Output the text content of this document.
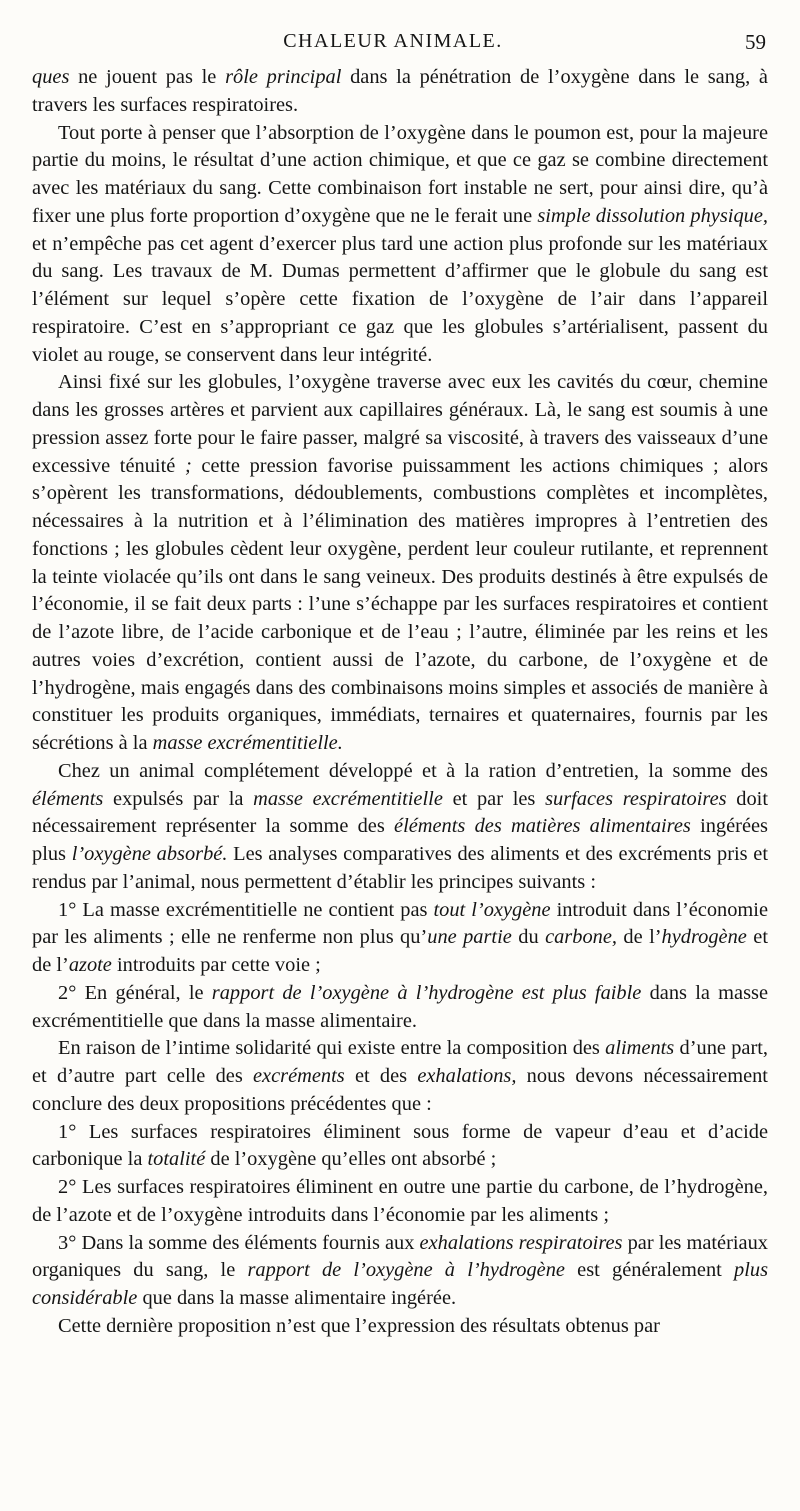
CHALEUR ANIMALE.	59

ques ne jouent pas le rôle principal dans la pénétration de l’oxygène dans le sang, à travers les surfaces respiratoires.

Tout porte à penser que l’absorption de l’oxygène dans le poumon est, pour la majeure partie du moins, le résultat d’une action chimique, et que ce gaz se combine directement avec les matériaux du sang. Cette combinaison fort instable ne sert, pour ainsi dire, qu’à fixer une plus forte proportion d’oxygène que ne le ferait une simple dissolution physique, et n’empêche pas cet agent d’exercer plus tard une action plus profonde sur les matériaux du sang. Les travaux de M. Dumas permettent d’affirmer que le globule du sang est l’élément sur lequel s’opère cette fixation de l’oxygène de l’air dans l’appareil respiratoire. C’est en s’appropriant ce gaz que les globules s’artérialisent, passent du violet au rouge, se conservent dans leur intégrité.

Ainsi fixé sur les globules, l’oxygène traverse avec eux les cavités du cœur, chemine dans les grosses artères et parvient aux capillaires généraux. Là, le sang est soumis à une pression assez forte pour le faire passer, malgré sa viscosité, à travers des vaisseaux d’une excessive ténuité ; cette pression favorise puissamment les actions chimiques ; alors s’opèrent les transformations, dédoublements, combustions complètes et incomplètes, nécessaires à la nutrition et à l’élimination des matières impropres à l’entretien des fonctions ; les globules cèdent leur oxygène, perdent leur couleur rutilante, et reprennent la teinte violacée qu’ils ont dans le sang veineux. Des produits destinés à être expulsés de l’économie, il se fait deux parts : l’une s’échappe par les surfaces respiratoires et contient de l’azote libre, de l’acide carbonique et de l’eau ; l’autre, éliminée par les reins et les autres voies d’excrétion, contient aussi de l’azote, du carbone, de l’oxygène et de l’hydrogène, mais engagés dans des combinaisons moins simples et associés de manière à constituer les produits organiques, immédiats, ternaires et quaternaires, fournis par les sécrétions à la masse excrémentitielle.

Chez un animal complétement développé et à la ration d’entretien, la somme des éléments expulsés par la masse excrémentitielle et par les surfaces respiratoires doit nécessairement représenter la somme des éléments des matières alimentaires ingérées plus l’oxygène absorbé. Les analyses comparatives des aliments et des excréments pris et rendus par l’animal, nous permettent d’établir les principes suivants :

1° La masse excrémentitielle ne contient pas tout l’oxygène introduit dans l’économie par les aliments ; elle ne renferme non plus qu’une partie du carbone, de l’hydrogène et de l’azote introduits par cette voie ;

2° En général, le rapport de l’oxygène à l’hydrogène est plus faible dans la masse excrémentitielle que dans la masse alimentaire.

En raison de l’intime solidarité qui existe entre la composition des aliments d’une part, et d’autre part celle des excréments et des exhalations, nous devons nécessairement conclure des deux propositions précédentes que :

1° Les surfaces respiratoires éliminent sous forme de vapeur d’eau et d’acide carbonique la totalité de l’oxygène qu’elles ont absorbé ;

2° Les surfaces respiratoires éliminent en outre une partie du carbone, de l’hydrogène, de l’azote et de l’oxygène introduits dans l’économie par les aliments ;

3° Dans la somme des éléments fournis aux exhalations respiratoires par les matériaux organiques du sang, le rapport de l’oxygène à l’hydrogène est généralement plus considérable que dans la masse alimentaire ingérée.

Cette dernière proposition n’est que l’expression des résultats obtenus par
